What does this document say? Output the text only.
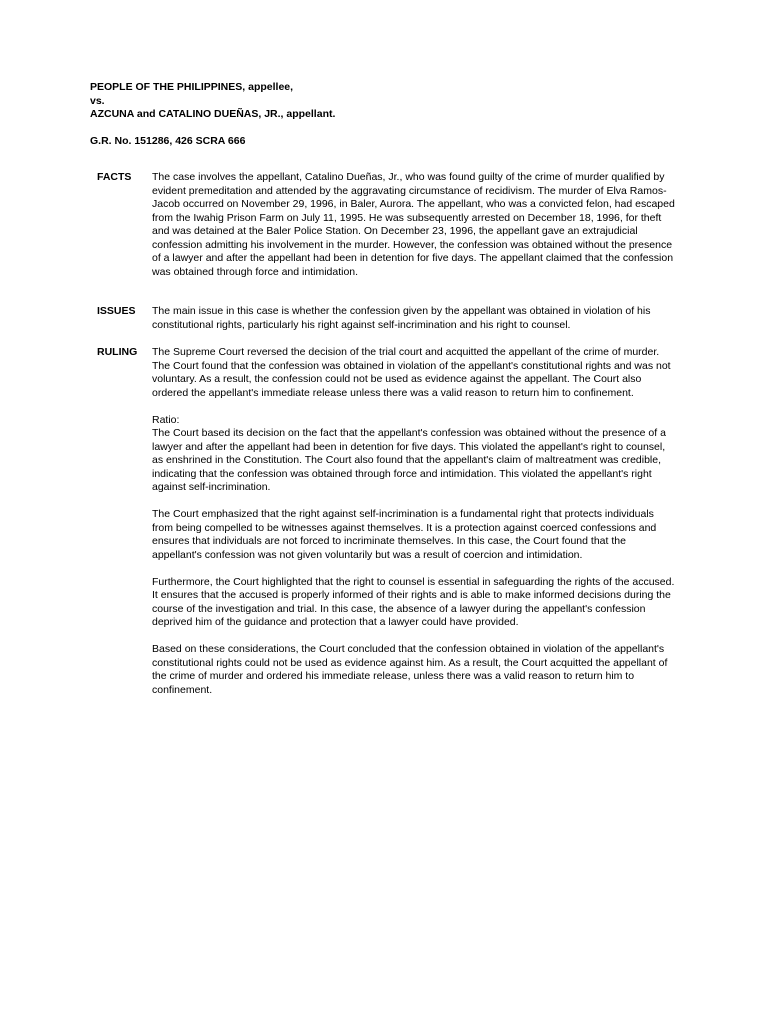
PEOPLE OF THE PHILIPPINES, appellee,
vs.
AZCUNA and CATALINO DUEÑAS, JR., appellant.
G.R. No. 151286, 426 SCRA 666
FACTS The case involves the appellant, Catalino Dueñas, Jr., who was found guilty of the crime of murder qualified by evident premeditation and attended by the aggravating circumstance of recidivism. The murder of Elva Ramos-Jacob occurred on November 29, 1996, in Baler, Aurora. The appellant, who was a convicted felon, had escaped from the Iwahig Prison Farm on July 11, 1995. He was subsequently arrested on December 18, 1996, for theft and was detained at the Baler Police Station. On December 23, 1996, the appellant gave an extrajudicial confession admitting his involvement in the murder. However, the confession was obtained without the presence of a lawyer and after the appellant had been in detention for five days. The appellant claimed that the confession was obtained through force and intimidation.

ISSUES The main issue in this case is whether the confession given by the appellant was obtained in violation of his constitutional rights, particularly his right against self-incrimination and his right to counsel.

RULING The Supreme Court reversed the decision of the trial court and acquitted the appellant of the crime of murder. The Court found that the confession was obtained in violation of the appellant's constitutional rights and was not voluntary. As a result, the confession could not be used as evidence against the appellant. The Court also ordered the appellant's immediate release unless there was a valid reason to return him to confinement.

Ratio:

The Court based its decision on the fact that the appellant's confession was obtained without the presence of a lawyer and after the appellant had been in detention for five days. This violated the appellant's right to counsel, as enshrined in the Constitution. The Court also found that the appellant's claim of maltreatment was credible, indicating that the confession was obtained through force and intimidation. This violated the appellant's right against self-incrimination.

The Court emphasized that the right against self-incrimination is a fundamental right that protects individuals from being compelled to be witnesses against themselves. It is a protection against coerced confessions and ensures that individuals are not forced to incriminate themselves. In this case, the Court found that the appellant's confession was not given voluntarily but was a result of coercion and intimidation.

Furthermore, the Court highlighted that the right to counsel is essential in safeguarding the rights of the accused. It ensures that the accused is properly informed of their rights and is able to make informed decisions during the course of the investigation and trial. In this case, the absence of a lawyer during the appellant's confession deprived him of the guidance and protection that a lawyer could have provided.

Based on these considerations, the Court concluded that the confession obtained in violation of the appellant's constitutional rights could not be used as evidence against him. As a result, the Court acquitted the appellant of the crime of murder and ordered his immediate release, unless there was a valid reason to return him to confinement.
